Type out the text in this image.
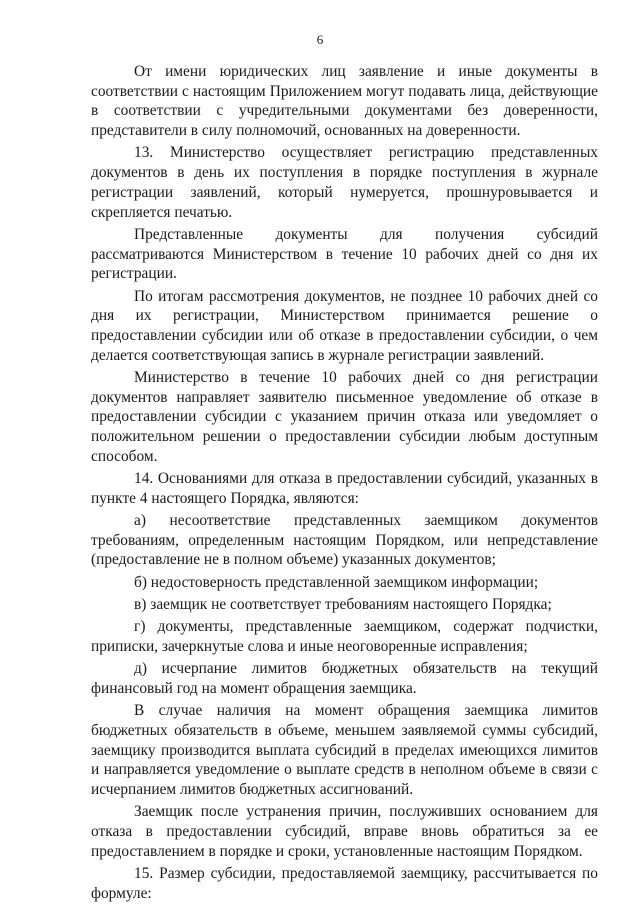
6

От имени юридических лиц заявление и иные документы в соответствии с настоящим Приложением могут подавать лица, действующие в соответствии с учредительными документами без доверенности, представители в силу полномочий, основанных на доверенности.

13. Министерство осуществляет регистрацию представленных документов в день их поступления в порядке поступления в журнале регистрации заявлений, который нумеруется, прошнуровывается и скрепляется печатью.

Представленные документы для получения субсидий рассматриваются Министерством в течение 10 рабочих дней со дня их регистрации.

По итогам рассмотрения документов, не позднее 10 рабочих дней со дня их регистрации, Министерством принимается решение о предоставлении субсидии или об отказе в предоставлении субсидии, о чем делается соответствующая запись в журнале регистрации заявлений.

Министерство в течение 10 рабочих дней со дня регистрации документов направляет заявителю письменное уведомление об отказе в предоставлении субсидии с указанием причин отказа или уведомляет о положительном решении о предоставлении субсидии любым доступным способом.

14. Основаниями для отказа в предоставлении субсидий, указанных в пункте 4 настоящего Порядка, являются:

а) несоответствие представленных заемщиком документов требованиям, определенным настоящим Порядком, или непредставление (предоставление не в полном объеме) указанных документов;

б) недостоверность представленной заемщиком информации;

в) заемщик не соответствует требованиям настоящего Порядка;

г) документы, представленные заемщиком, содержат подчистки, приписки, зачеркнутые слова и иные неоговоренные исправления;

д) исчерпание лимитов бюджетных обязательств на текущий финансовый год на момент обращения заемщика.

В случае наличия на момент обращения заемщика лимитов бюджетных обязательств в объеме, меньшем заявляемой суммы субсидий, заемщику производится выплата субсидий в пределах имеющихся лимитов и направляется уведомление о выплате средств в неполном объеме в связи с исчерпанием лимитов бюджетных ассигнований.

Заемщик после устранения причин, послуживших основанием для отказа в предоставлении субсидий, вправе вновь обратиться за ее предоставлением в порядке и сроки, установленные настоящим Порядком.

15. Размер субсидии, предоставляемой заемщику, рассчитывается по формуле:
